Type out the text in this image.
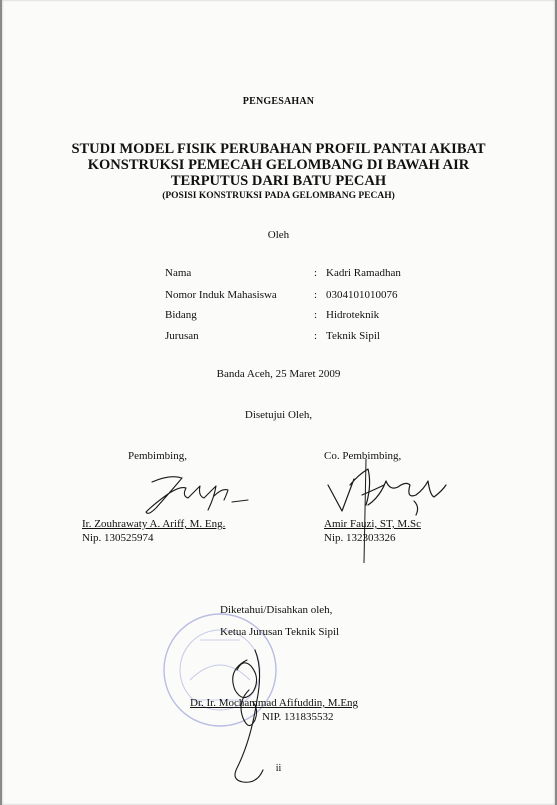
PENGESAHAN
STUDI MODEL FISIK PERUBAHAN PROFIL PANTAI AKIBAT
KONSTRUKSI PEMECAH GELOMBANG DI BAWAH AIR
TERPUTUS DARI BATU PECAH
(POSISI KONSTRUKSI PADA GELOMBANG PECAH)
Oleh
Nama	: Kadri Ramadhan
Nomor Induk Mahasiswa	: 0304101010076
Bidang	: Hidroteknik
Jurusan	: Teknik Sipil
Banda Aceh, 25 Maret 2009
Disetujui Oleh,
Pembimbing,
Ir. Zouhrawaty A. Ariff, M. Eng.
Nip. 130525974
Co. Pembimbing,
Amir Fauzi, ST, M.Sc
Nip. 132303326
Diketahui/Disahkan oleh,
Ketua Jurusan Teknik Sipil
Dr. Ir. Mochammad Afifuddin, M.Eng
NIP. 131835532
ii
